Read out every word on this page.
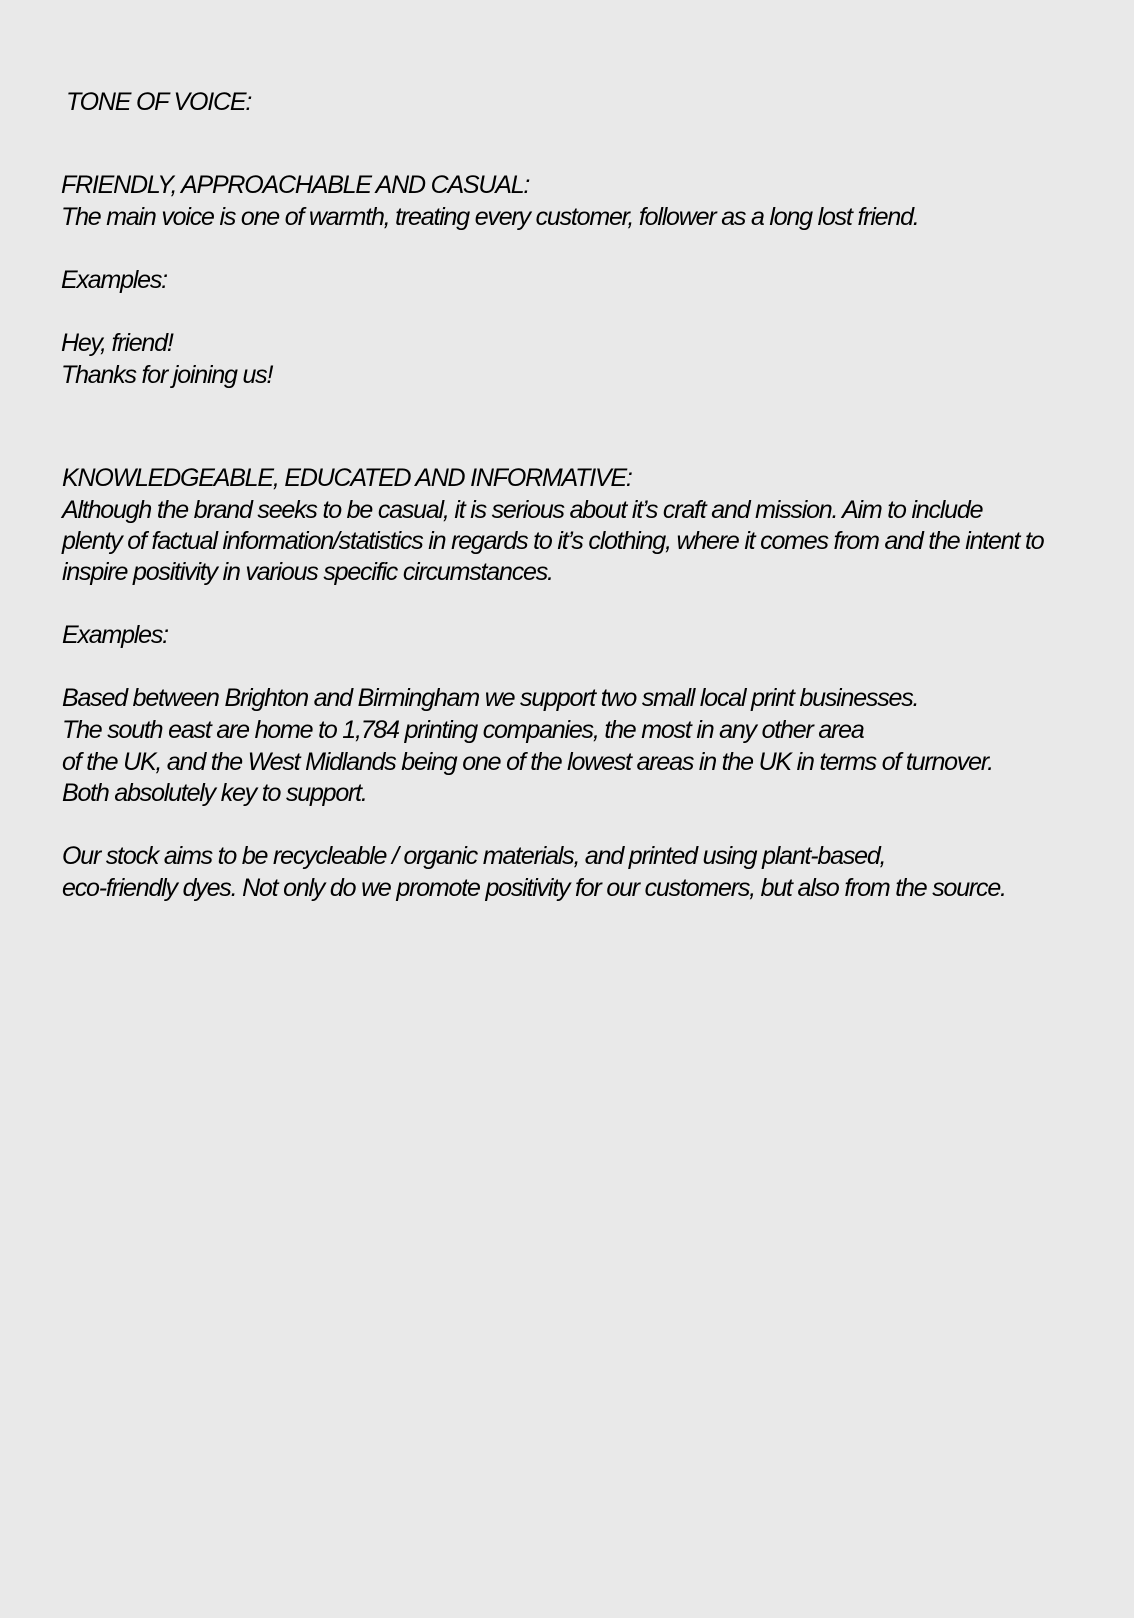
TONE OF VOICE:

FRIENDLY, APPROACHABLE AND CASUAL:

The main voice is one of warmth, treating every customer, follower as a long lost friend.

Examples:

Hey, friend!

Thanks for joining us!

KNOWLEDGEABLE, EDUCATED AND INFORMATIVE:

Although the brand seeks to be casual, it is serious about it’s craft and mission. Aim to include

plenty of factual information/statistics in regards to it’s clothing, where it comes from and the intent to

inspire positivity in various specific circumstances.

Examples:

Based between Brighton and Birmingham we support two small local print businesses.

The south east are home to 1,784 printing companies, the most in any other area

of the UK, and the West Midlands being one of the lowest areas in the UK in terms of turnover.

Both absolutely key to support.

Our stock aims to be recycleable / organic materials, and printed using plant-based,

eco-friendly dyes. Not only do we promote positivity for our customers, but also from the source.
